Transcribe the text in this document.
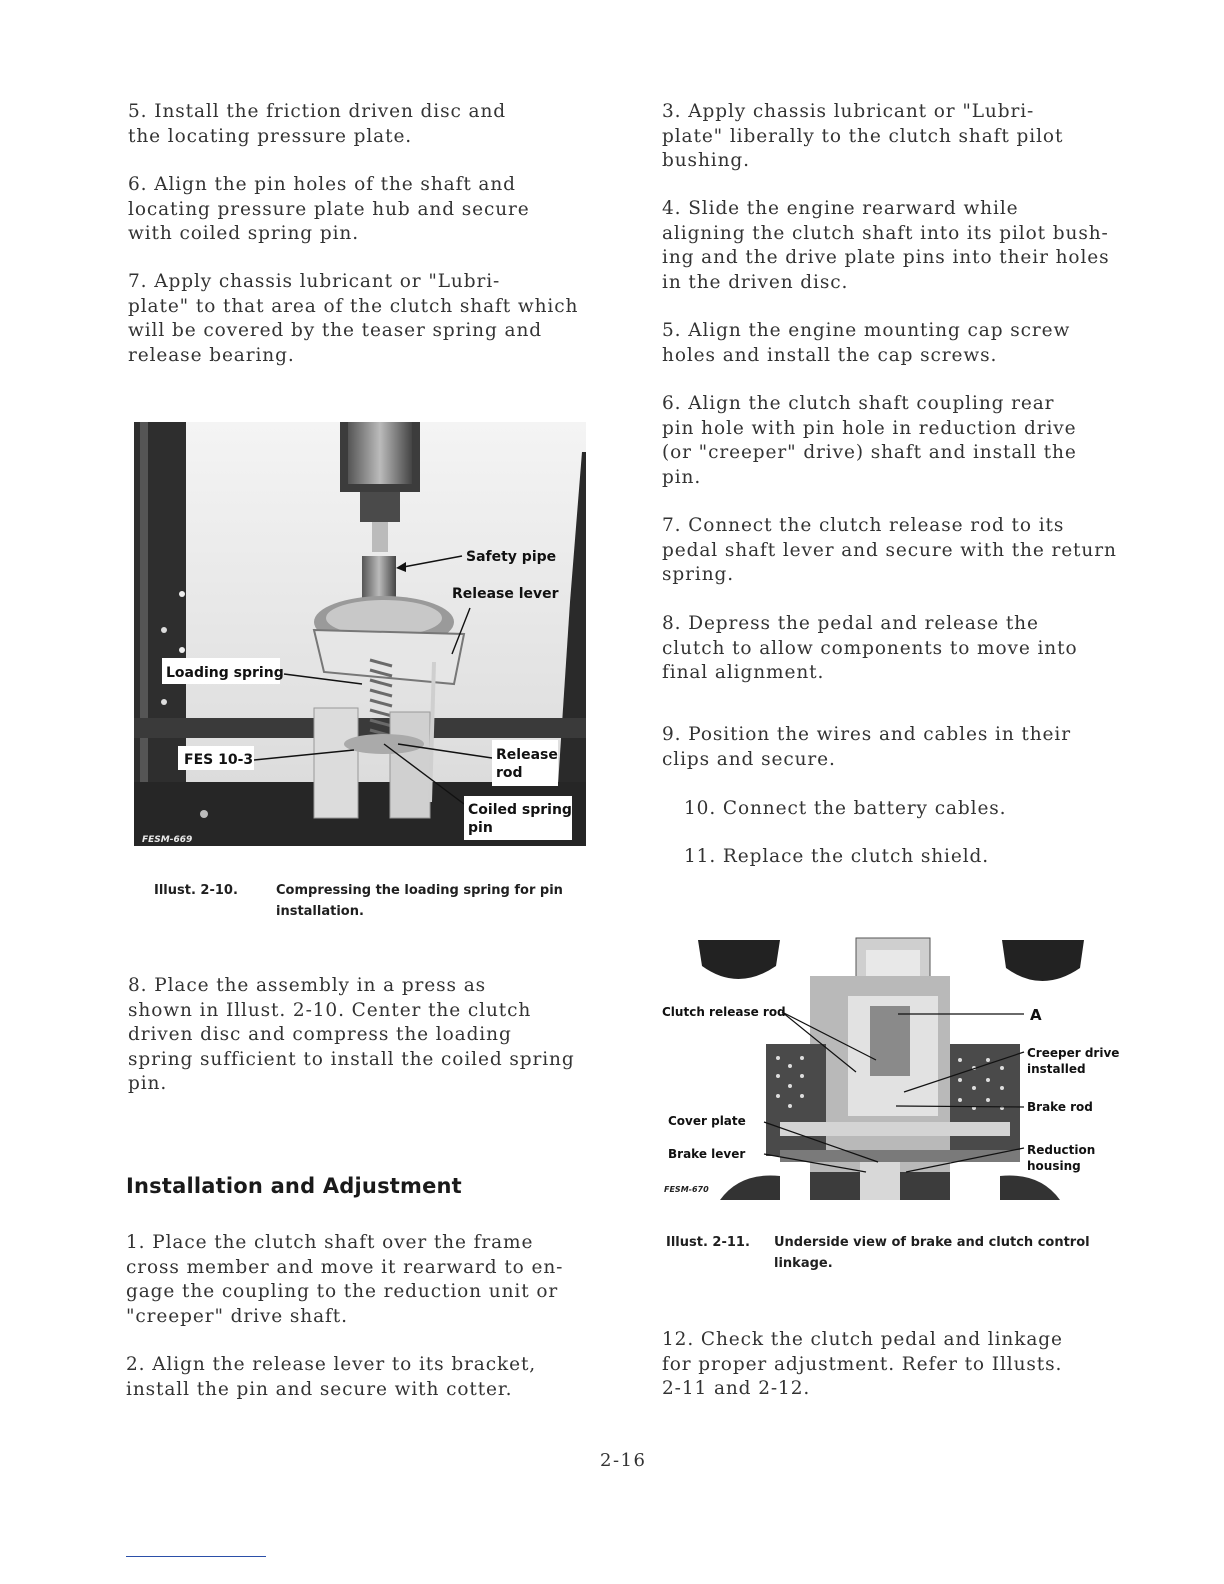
5. Install the friction driven disc and
the locating pressure plate.

6. Align the pin holes of the shaft and
locating pressure plate hub and secure
with coiled spring pin.

7. Apply chassis lubricant or "Lubri-
plate" to that area of the clutch shaft which
will be covered by the teaser spring and
release bearing.

Safety pipe
Release lever
Loading spring
FES 10-3	Release
rod
Coiled spring
pin
FESM-669

Illust. 2-10.	Compressing the loading spring for pin
installation.

8. Place the assembly in a press as
shown in Illust. 2-10. Center the clutch
driven disc and compress the loading
spring sufficient to install the coiled spring
pin.

Installation and Adjustment

1. Place the clutch shaft over the frame
cross member and move it rearward to en-
gage the coupling to the reduction unit or
"creeper" drive shaft.

2. Align the release lever to its bracket,
install the pin and secure with cotter.

3. Apply chassis lubricant or "Lubri-
plate" liberally to the clutch shaft pilot
bushing.

4. Slide the engine rearward while
aligning the clutch shaft into its pilot bush-
ing and the drive plate pins into their holes
in the driven disc.

5. Align the engine mounting cap screw
holes and install the cap screws.

6. Align the clutch shaft coupling rear
pin hole with pin hole in reduction drive
(or "creeper" drive) shaft and install the
pin.

7. Connect the clutch release rod to its
pedal shaft lever and secure with the return
spring.

8. Depress the pedal and release the
clutch to allow components to move into
final alignment.

9. Position the wires and cables in their
clips and secure.

10. Connect the battery cables.

11. Replace the clutch shield.

Clutch release rod	A
Creeper drive
installed
Brake rod
Cover plate
Brake lever	Reduction
housing
FESM-670

Illust. 2-11. Underside view of brake and clutch control
linkage.

12. Check the clutch pedal and linkage
for proper adjustment. Refer to Illusts.
2-11 and 2-12.

2-16
